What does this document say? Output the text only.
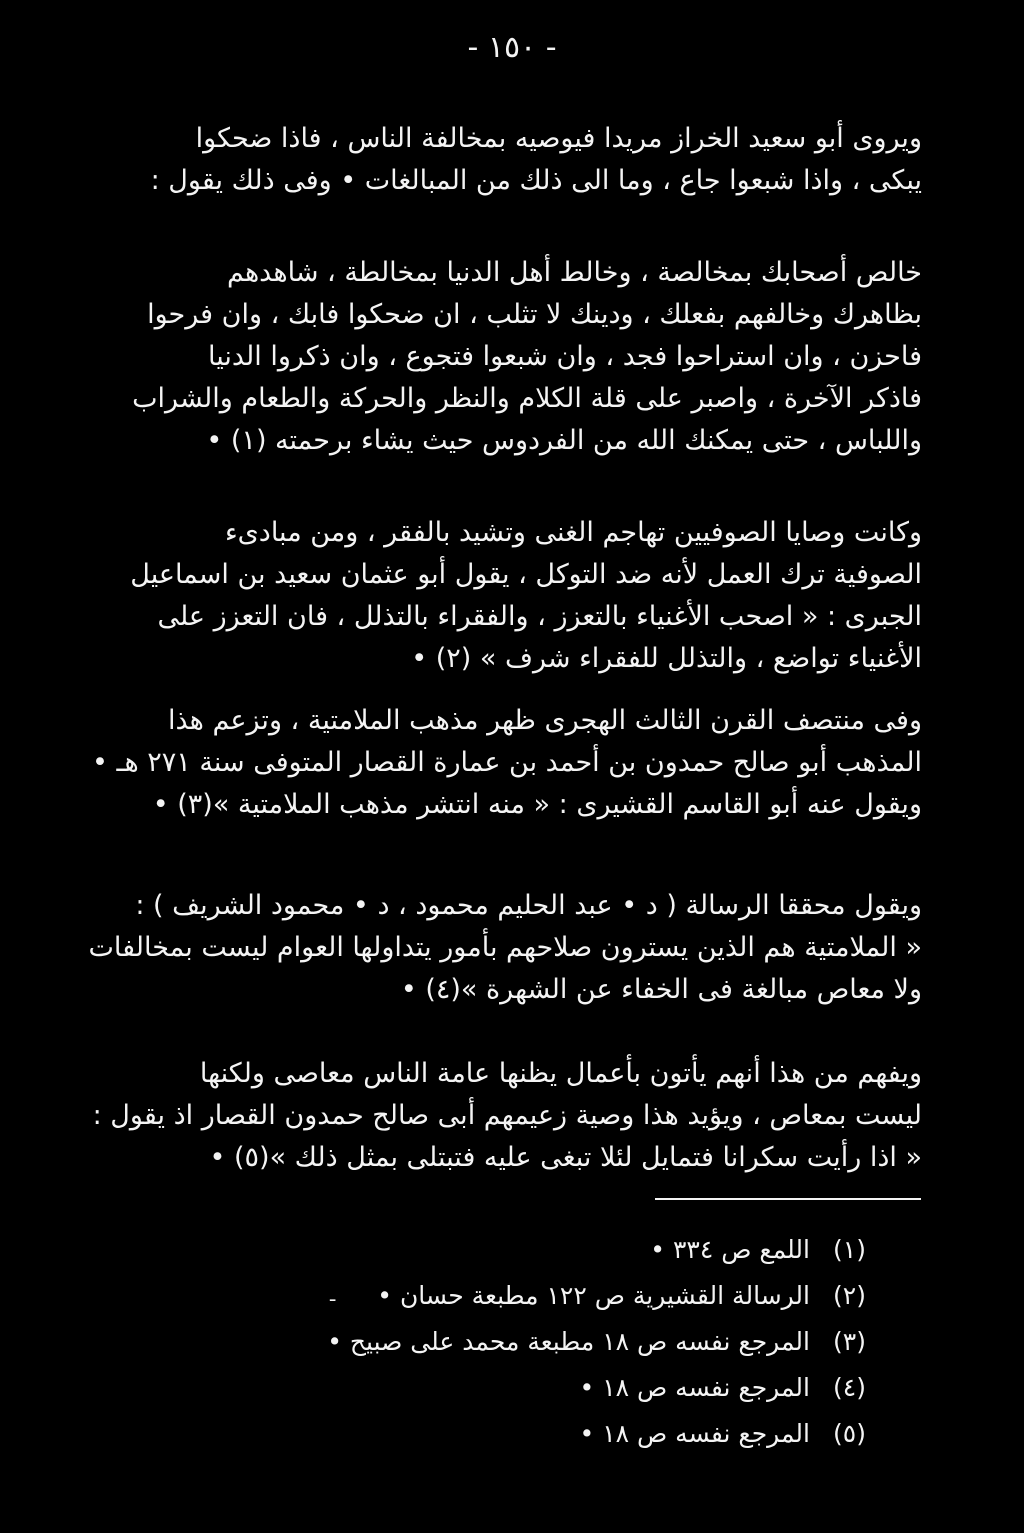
- ١٥٠ -
ويروى أبو سعيد الخراز مريدا فيوصيه بمخالفة الناس ، فاذا ضحكوا
يبكى ، واذا شبعوا جاع ، وما الى ذلك من المبالغات • وفى ذلك يقول :
خالص أصحابك بمخالصة ، وخالط أهل الدنيا بمخالطة ، شاهدهم
بظاهرك وخالفهم بفعلك ، ودينك لا تثلب ، ان ضحكوا فابك ، وان فرحوا
فاحزن ، وان استراحوا فجد ، وان شبعوا فتجوع ، وان ذكروا الدنيا
فاذكر الآخرة ، واصبر على قلة الكلام والنظر والحركة والطعام والشراب
واللباس ، حتى يمكنك الله من الفردوس حيث يشاء برحمته (١) •
وكانت وصايا الصوفيين تهاجم الغنى وتشيد بالفقر ، ومن مبادىء
الصوفية ترك العمل لأنه ضد التوكل ، يقول أبو عثمان سعيد بن اسماعيل
الجبرى : « اصحب الأغنياء بالتعزز ، والفقراء بالتذلل ، فان التعزز على
الأغنياء تواضع ، والتذلل للفقراء شرف » (٢) •
وفى منتصف القرن الثالث الهجرى ظهر مذهب الملامتية ، وتزعم هذا
المذهب أبو صالح حمدون بن أحمد بن عمارة القصار المتوفى سنة ٢٧١ هـ •
ويقول عنه أبو القاسم القشيرى : « منه انتشر مذهب الملامتية »(٣) •
ويقول محققا الرسالة ( د • عبد الحليم محمود ، د • محمود الشريف ) :
« الملامتية هم الذين يسترون صلاحهم بأمور يتداولها العوام ليست بمخالفات
ولا معاص مبالغة فى الخفاء عن الشهرة »(٤) •
ويفهم من هذا أنهم يأتون بأعمال يظنها عامة الناس معاصى ولكنها
ليست بمعاص ، ويؤيد هذا وصية زعيمهم أبى صالح حمدون القصار اذ يقول :
« اذا رأيت سكرانا فتمايل لئلا تبغى عليه فتبتلى بمثل ذلك »(٥) •
(١)
اللمع ص ٣٣٤ •
(٢)
الرسالة القشيرية ص ١٢٢ مطبعة حسان •
ـ
(٣)
المرجع نفسه ص ١٨ مطبعة محمد على صبيح •
(٤)
المرجع نفسه ص ١٨ •
(٥)
المرجع نفسه ص ١٨ •
